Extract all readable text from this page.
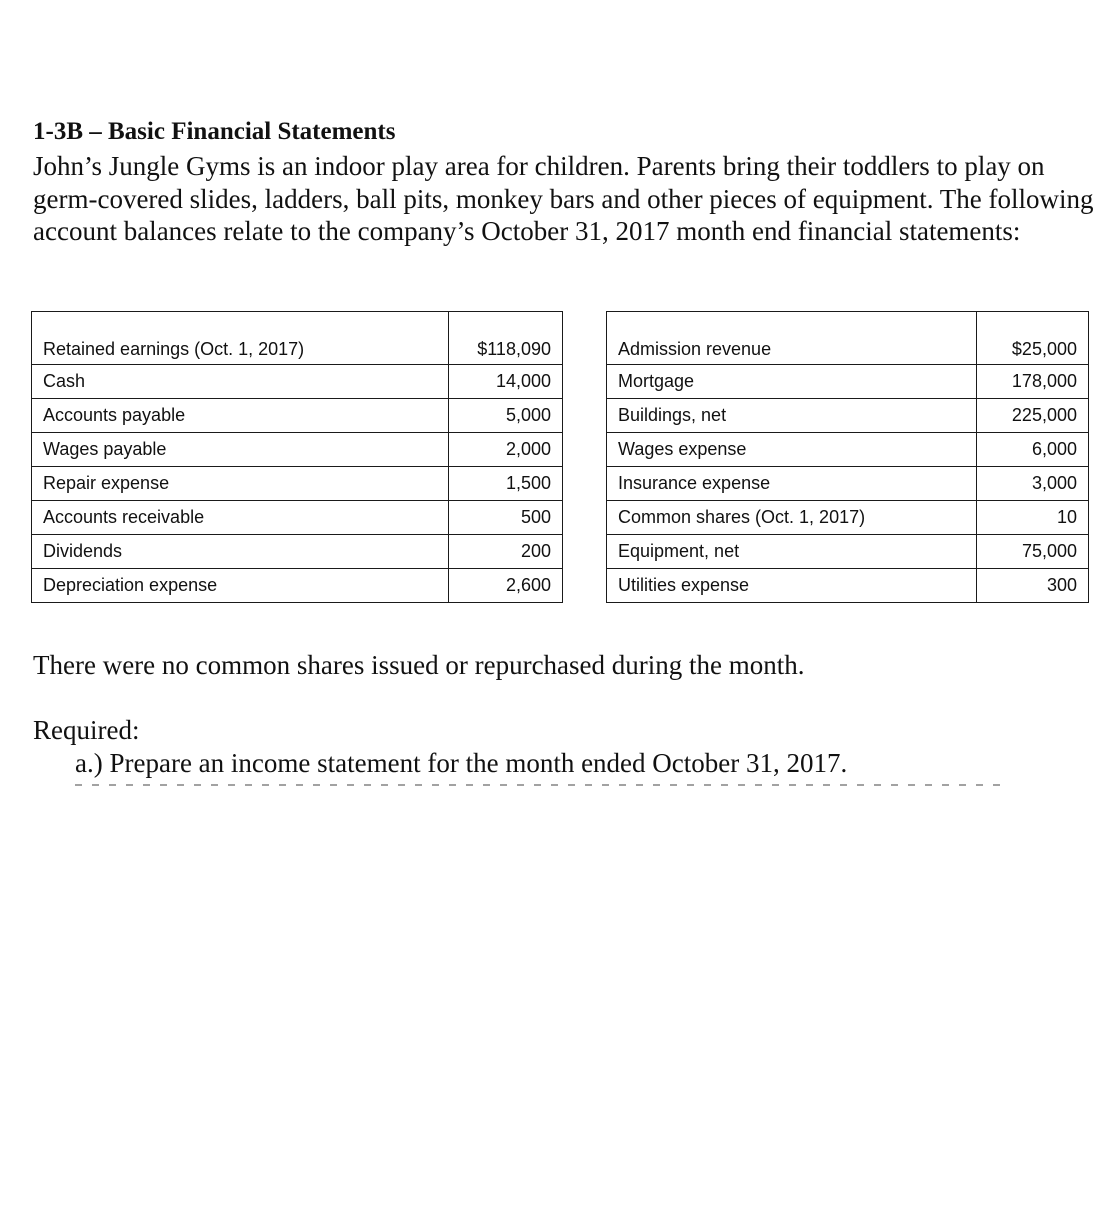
1-3B – Basic Financial Statements
John’s Jungle Gyms is an indoor play area for children. Parents bring their toddlers to play on germ-covered slides, ladders, ball pits, monkey bars and other pieces of equipment. The following account balances relate to the company’s October 31, 2017 month end financial statements:
Retained earnings (Oct. 1, 2017)	$118,090
Cash	14,000
Accounts payable	5,000
Wages payable	2,000
Repair expense	1,500
Accounts receivable	500
Dividends	200
Depreciation expense	2,600
Admission revenue	$25,000
Mortgage	178,000
Buildings, net	225,000
Wages expense	6,000
Insurance expense	3,000
Common shares (Oct. 1, 2017)	10
Equipment, net	75,000
Utilities expense	300
There were no common shares issued or repurchased during the month.
Required:
a.) Prepare an income statement for the month ended October 31, 2017.
